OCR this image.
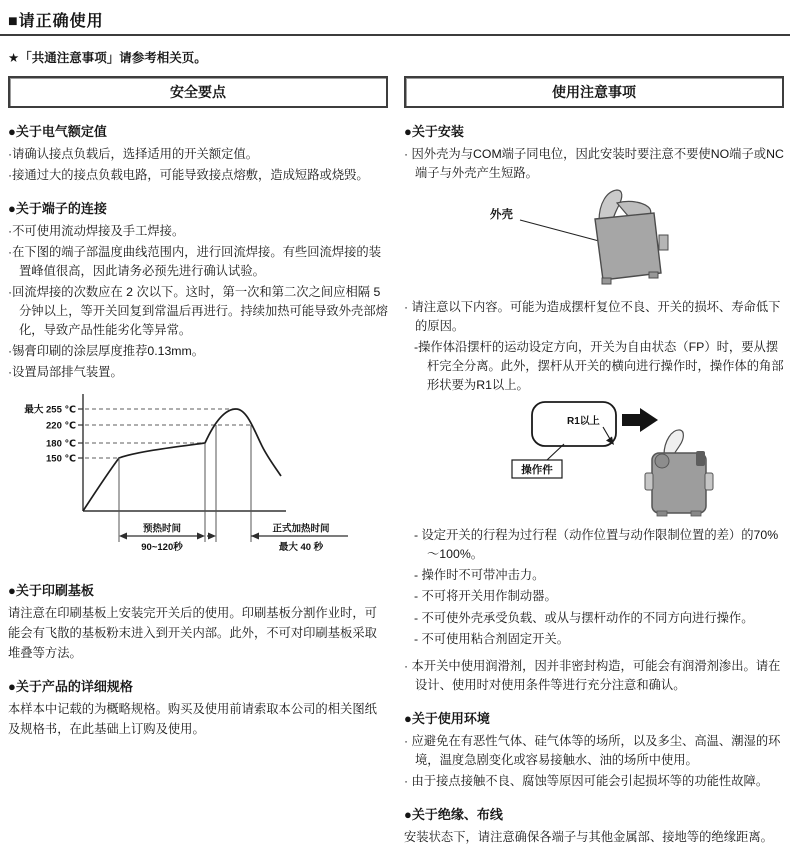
■请正确使用
★「共通注意事项」请参考相关页。
安全要点
●关于电气额定值
·请确认接点负载后，选择适用的开关额定值。
·接通过大的接点负载电路，可能导致接点熔敷，造成短路或烧毁。
●关于端子的连接
·不可使用流动焊接及手工焊接。
·在下图的端子部温度曲线范围内，进行回流焊接。有些回流焊接的装置峰值很高，因此请务必预先进行确认试验。
·回流焊接的次数应在 2 次以下。这时，第一次和第二次之间应相隔 5分钟以上，等开关回复到常温后再进行。持续加热可能导致外壳部熔化，导致产品性能劣化等异常。
·锡膏印刷的涂层厚度推荐0.13mm。
·设置局部排气装置。
最大 255 ℃
220 ℃
180 ℃
150 ℃
预热时间
90~120秒
正式加热时间
最大 40 秒
●关于印刷基板

请注意在印刷基板上安装完开关后的使用。印刷基板分割作业时，可能会有飞散的基板粉末进入到开关内部。此外，不可对印刷基板采取堆叠等方法。

●关于产品的详细规格

本样本中记载的为概略规格。购买及使用前请索取本公司的相关图纸及规格书，在此基础上订购及使用。

使用注意事项
●关于安装
· 因外壳为与COM端子同电位，因此安装时要注意不要使NO端子或NC端子与外壳产生短路。
外壳
· 请注意以下内容。可能为造成摆杆复位不良、开关的损坏、寿命低下的原因。
-操作体沿摆杆的运动设定方向，开关为自由状态（FP）时，要从摆杆完全分离。此外，摆杆从开关的横向进行操作时，操作体的角部形状要为R1以上。
R1以上
操作件
- 设定开关的行程为过行程（动作位置与动作限制位置的差）的70%～100%。
- 操作时不可带冲击力。
- 不可将开关用作制动器。
- 不可使外壳承受负载、或从与摆杆动作的不同方向进行操作。
- 不可使用粘合剂固定开关。
· 本开关中使用润滑剂，因并非密封构造，可能会有润滑剂渗出。请在设计、使用时对使用条件等进行充分注意和确认。
●关于使用环境
· 应避免在有恶性气体、硅气体等的场所，以及多尘、高温、潮湿的环境，温度急剧变化或容易接触水、油的场所中使用。
· 由于接点接触不良、腐蚀等原因可能会引起损坏等的功能性故障。
●关于绝缘、布线

安装状态下，请注意确保各端子与其他金属部、接地等的绝缘距离。
